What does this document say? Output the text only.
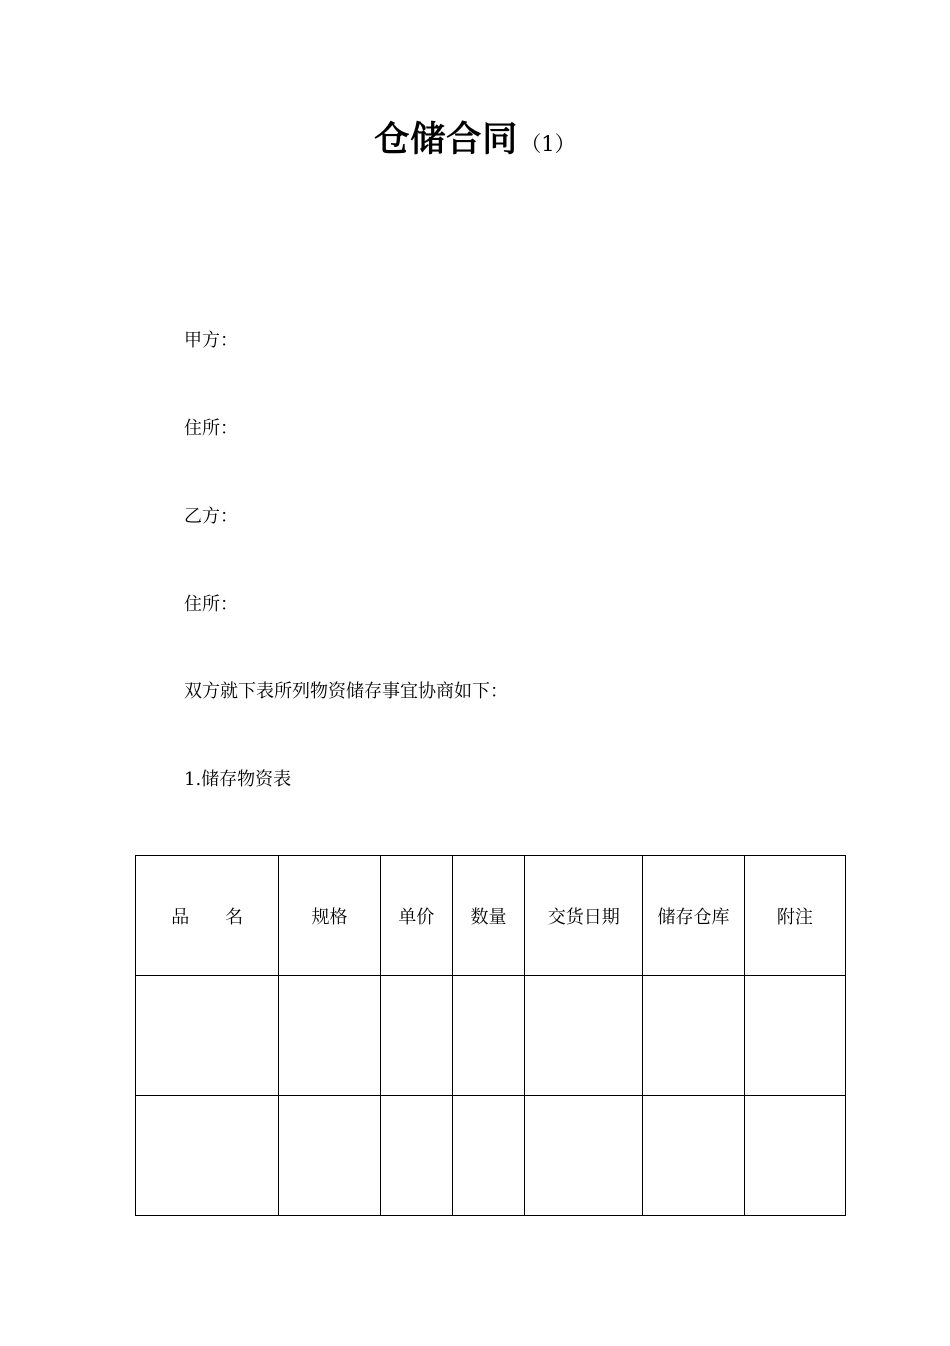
仓储合同（1）
甲方：
住所：
乙方：
住所：
双方就下表所列物资储存事宜协商如下：
1.储存物资表
品　　名	规格	单价	数量	交货日期	储存仓库	附注
